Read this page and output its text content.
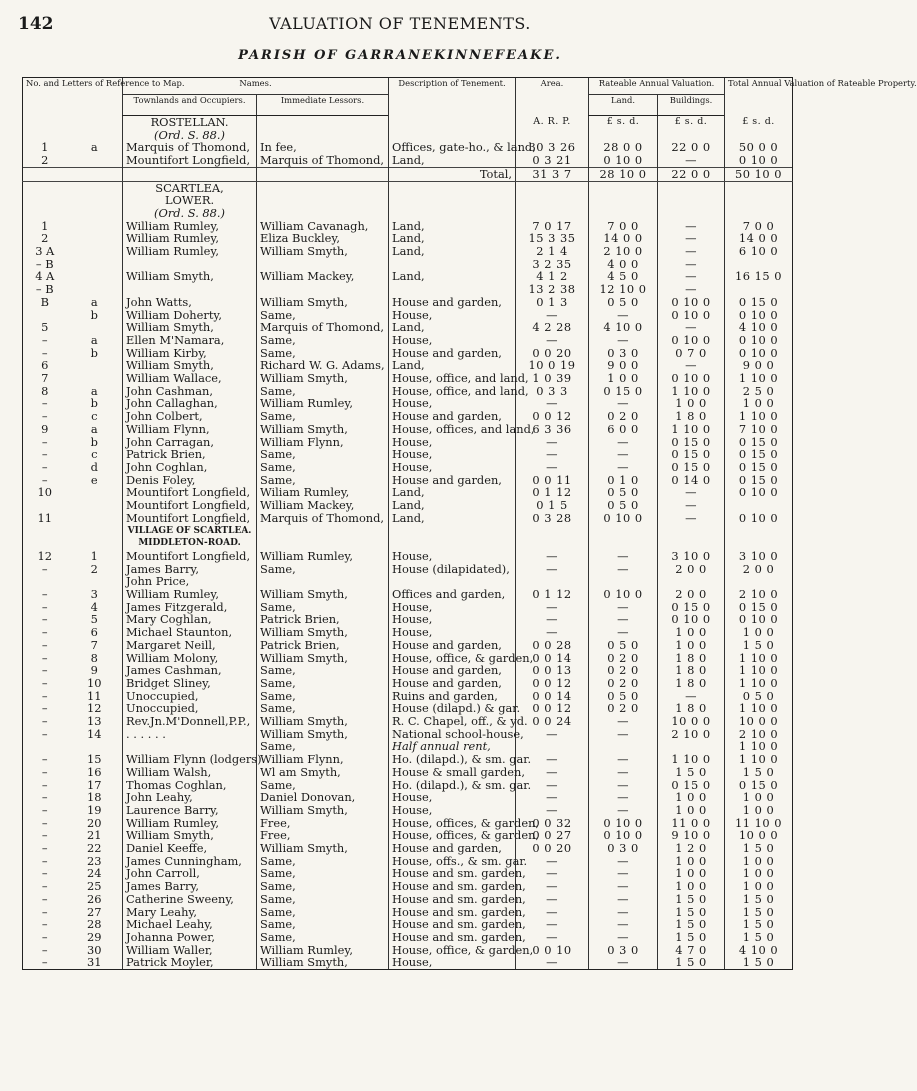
142	VALUATION OF TENEMENTS.
PARISH OF GARRANEKINNEFEAKE.
No. and Letters of Reference to Map.		Names.		Description of Tenement.	Area.	Rateable Annual Valuation.		Total Annual Valuation of Rateable Property.
		Townlands and Occupiers.	Immediate Lessors.			Land.	Buildings.	
		ROSTELLAN.			A. R. P.	£ s. d.	£ s. d.	£ s. d.
		(Ord. S. 88.)						
1	a	Marquis of Thomond,	In fee,	Offices, gate-ho., & land,	30 3 26	28 0 0	22 0 0	50 0 0
2		Mountifort Longfield,	Marquis of Thomond,	Land,	0 3 21	0 10 0	—	0 10 0
				Total,	31 3 7	28 10 0	22 0 0	50 10 0
		SCARTLEA,						
		LOWER.						
		(Ord. S. 88.)						
1		William Rumley,	William Cavanagh,	Land,	7 0 17	7 0 0	—	7 0 0
2		William Rumley,	Eliza Buckley,	Land,	15 3 35	14 0 0	—	14 0 0
3 A		William Rumley,	William Smyth,	Land,	2 1 4	2 10 0	—	6 10 0
– B					3 2 35	4 0 0	—	
4 A		William Smyth,	William Mackey,	Land,	4 1 2	4 5 0	—	16 15 0
– B					13 2 38	12 10 0	—	
B	a	John Watts,	William Smyth,	House and garden,	0 1 3	0 5 0	0 10 0	0 15 0
	b	William Doherty,	Same,	House,	—	—	0 10 0	0 10 0
5		William Smyth,	Marquis of Thomond,	Land,	4 2 28	4 10 0	—	4 10 0
–	a	Ellen M'Namara,	Same,	House,	—	—	0 10 0	0 10 0
–	b	William Kirby,	Same,	House and garden,	0 0 20	0 3 0	0 7 0	0 10 0
6		William Smyth,	Richard W. G. Adams,	Land,	10 0 19	9 0 0	—	9 0 0
7		William Wallace,	William Smyth,	House, office, and land,	1 0 39	1 0 0	0 10 0	1 10 0
8	a	John Cashman,	Same,	House, office, and land,	0 3 3	0 15 0	1 10 0	2 5 0
–	b	John Callaghan,	William Rumley,	House,	—	—	1 0 0	1 0 0
–	c	John Colbert,	Same,	House and garden,	0 0 12	0 2 0	1 8 0	1 10 0
9	a	William Flynn,	William Smyth,	House, offices, and land,	6 3 36	6 0 0	1 10 0	7 10 0
–	b	John Carragan,	William Flynn,	House,	—	—	0 15 0	0 15 0
–	c	Patrick Brien,	Same,	House,	—	—	0 15 0	0 15 0
–	d	John Coghlan,	Same,	House,	—	—	0 15 0	0 15 0
–	e	Denis Foley,	Same,	House and garden,	0 0 11	0 1 0	0 14 0	0 15 0
10		Mountifort Longfield,	Wiliam Rumley,	Land,	0 1 12	0 5 0	—	0 10 0
		Mountifort Longfield,	William Mackey,	Land,	0 1 5	0 5 0	—	
11		Mountifort Longfield,	Marquis of Thomond,	Land,	0 3 28	0 10 0	—	0 10 0
		VILLAGE OF SCARTLEA.						
		MIDDLETON-ROAD.						
12	1	Mountifort Longfield,	William Rumley,	House,	—	—	3 10 0	3 10 0
–	2	James Barry,	Same,	House (dilapidated),	—	—	2 0 0	2 0 0
		John Price,						
–	3	William Rumley,	William Smyth,	Offices and garden,	0 1 12	0 10 0	2 0 0	2 10 0
–	4	James Fitzgerald,	Same,	House,	—	—	0 15 0	0 15 0
–	5	Mary Coghlan,	Patrick Brien,	House,	—	—	0 10 0	0 10 0
–	6	Michael Staunton,	William Smyth,	House,	—	—	1 0 0	1 0 0
–	7	Margaret Neill,	Patrick Brien,	House and garden,	0 0 28	0 5 0	1 0 0	1 5 0
–	8	William Molony,	William Smyth,	House, office, & garden,	0 0 14	0 2 0	1 8 0	1 10 0
–	9	James Cashman,	Same,	House and garden,	0 0 13	0 2 0	1 8 0	1 10 0
–	10	Bridget Sliney,	Same,	House and garden,	0 0 12	0 2 0	1 8 0	1 10 0
–	11	Unoccupied,	Same,	Ruins and garden,	0 0 14	0 5 0	—	0 5 0
–	12	Unoccupied,	Same,	House (dilapd.) & gar.	0 0 12	0 2 0	1 8 0	1 10 0
–	13	Rev.Jn.M'Donnell,P.P.,	William Smyth,	R. C. Chapel, off., & yd.	0 0 24	—	10 0 0	10 0 0
–	14	. . . . . .	William Smyth,	National school-house,	—	—	2 10 0	2 10 0
			Same,	Half annual rent,				1 10 0
–	15	William Flynn (lodgers)	William Flynn,	Ho. (dilapd.), & sm. gar.	—	—	1 10 0	1 10 0
–	16	William Walsh,	Wl am Smyth,	House & small garden,	—	—	1 5 0	1 5 0
–	17	Thomas Coghlan,	Same,	Ho. (dilapd.), & sm. gar.	—	—	0 15 0	0 15 0
–	18	John Leahy,	Daniel Donovan,	House,	—	—	1 0 0	1 0 0
–	19	Laurence Barry,	William Smyth,	House,	—	—	1 0 0	1 0 0
–	20	William Rumley,	Free,	House, offices, & garden,	0 0 32	0 10 0	11 0 0	11 10 0
–	21	William Smyth,	Free,	House, offices, & garden,	0 0 27	0 10 0	9 10 0	10 0 0
–	22	Daniel Keeffe,	William Smyth,	House and garden,	0 0 20	0 3 0	1 2 0	1 5 0
–	23	James Cunningham,	Same,	House, offs., & sm. gar.	—	—	1 0 0	1 0 0
–	24	John Carroll,	Same,	House and sm. garden,	—	—	1 0 0	1 0 0
–	25	James Barry,	Same,	House and sm. garden,	—	—	1 0 0	1 0 0
–	26	Catherine Sweeny,	Same,	House and sm. garden,	—	—	1 5 0	1 5 0
–	27	Mary Leahy,	Same,	House and sm. garden,	—	—	1 5 0	1 5 0
–	28	Michael Leahy,	Same,	House and sm. garden,	—	—	1 5 0	1 5 0
–	29	Johanna Power,	Same,	House and sm. garden,	—	—	1 5 0	1 5 0
–	30	William Waller,	William Rumley,	House, office, & garden,	0 0 10	0 3 0	4 7 0	4 10 0
–	31	Patrick Moyler,	William Smyth,	House,	—	—	1 5 0	1 5 0
